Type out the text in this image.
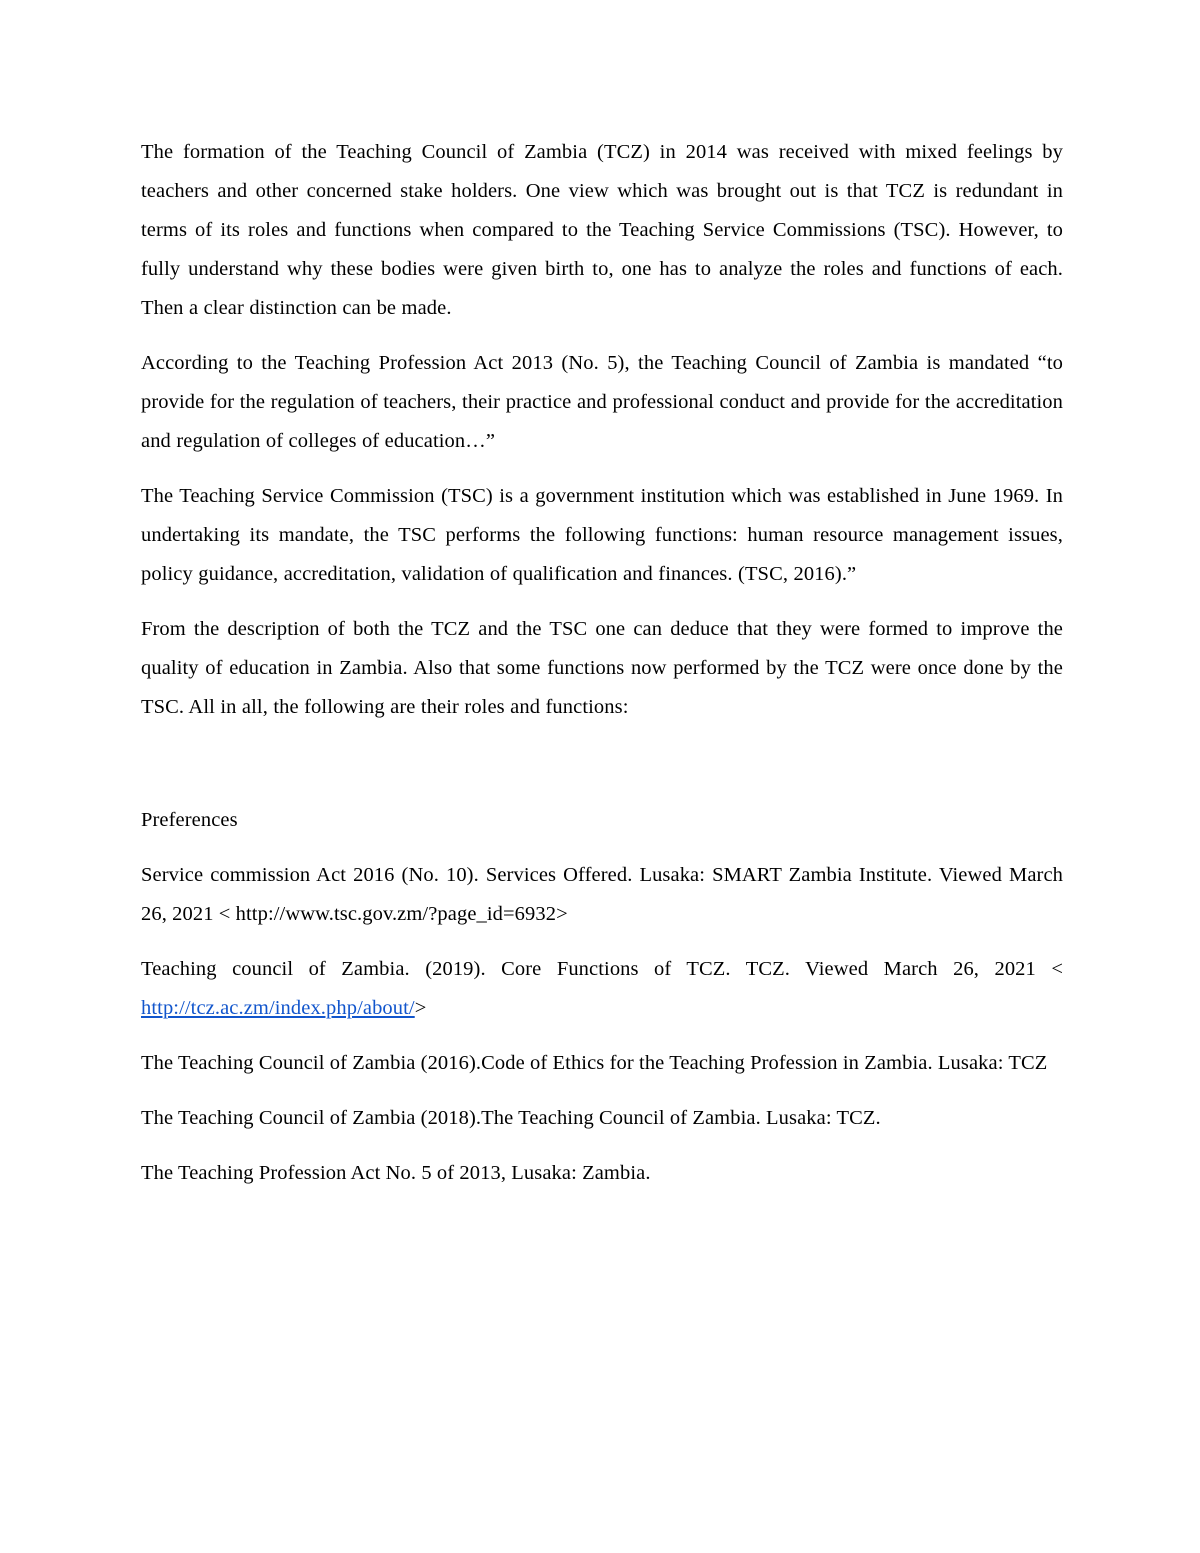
The formation of the Teaching Council of Zambia (TCZ) in 2014 was received with mixed feelings by teachers and other concerned stake holders. One view which was brought out is that TCZ is redundant in terms of its roles and functions when compared to the Teaching Service Commissions (TSC). However, to fully understand why these bodies were given birth to, one has to analyze the roles and functions of each. Then a clear distinction can be made.

According to the Teaching Profession Act 2013 (No. 5), the Teaching Council of Zambia is mandated “to provide for the regulation of teachers, their practice and professional conduct and provide for the accreditation and regulation of colleges of education…”

The Teaching Service Commission (TSC) is a government institution which was established in June 1969. In undertaking its mandate, the TSC performs the following functions: human resource management issues, policy guidance, accreditation, validation of qualification and finances. (TSC, 2016).”

From the description of both the TCZ and the TSC one can deduce that they were formed to improve the quality of education in Zambia. Also that some functions now performed by the TCZ were once done by the TSC. All in all, the following are their roles and functions:

Preferences

Service commission Act 2016 (No. 10). Services Offered. Lusaka: SMART Zambia Institute. Viewed March 26, 2021 < http://www.tsc.gov.zm/?page_id=6932>

Teaching council of Zambia. (2019). Core Functions of TCZ. TCZ. Viewed March 26, 2021 < http://tcz.ac.zm/index.php/about/>

The Teaching Council of Zambia (2016).Code of Ethics for the Teaching Profession in Zambia. Lusaka: TCZ

The Teaching Council of Zambia (2018).The Teaching Council of Zambia. Lusaka: TCZ.

The Teaching Profession Act No. 5 of 2013, Lusaka: Zambia.
